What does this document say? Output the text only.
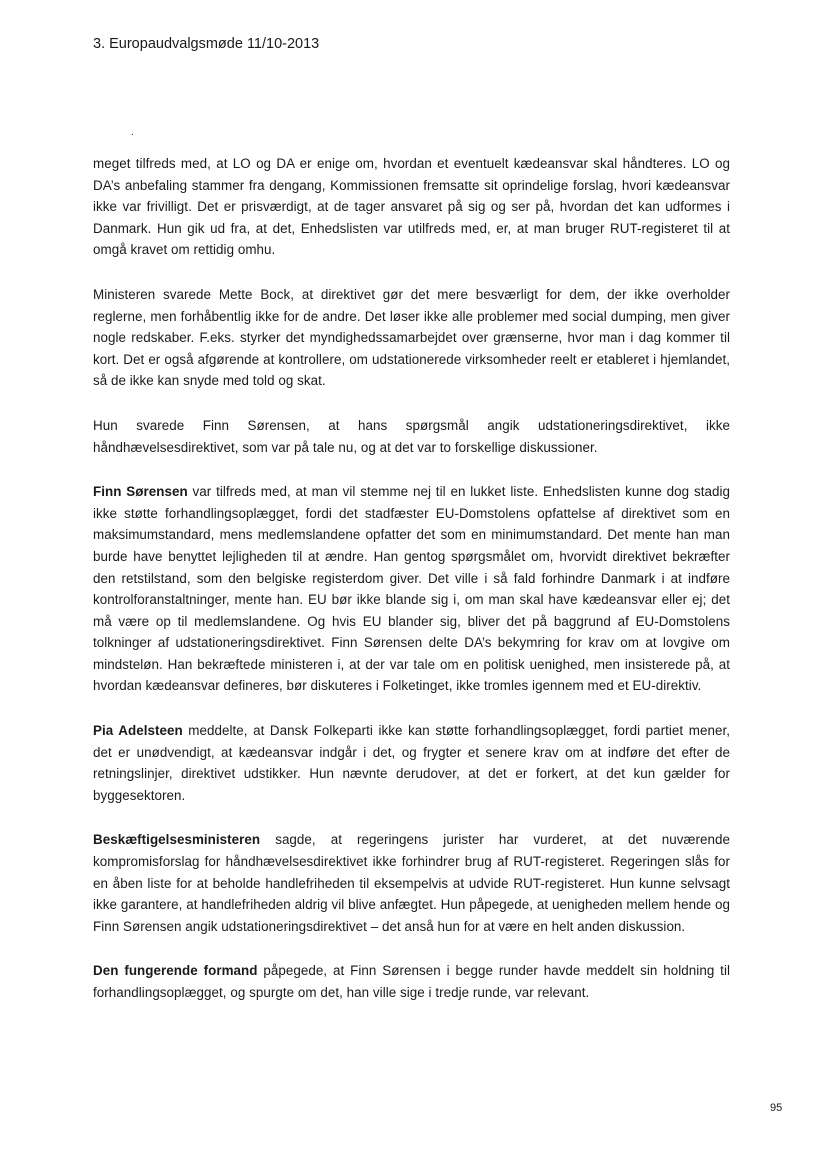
3. Europaudvalgsmøde 11/10-2013
.

meget tilfreds med, at LO og DA er enige om, hvordan et eventuelt kædeansvar skal håndteres. LO og DA’s anbefaling stammer fra dengang, Kommissionen fremsatte sit oprindelige forslag, hvori kædeansvar ikke var frivilligt. Det er prisværdigt, at de tager ansvaret på sig og ser på, hvordan det kan udformes i Danmark. Hun gik ud fra, at det, Enhedslisten var utilfreds med, er, at man bruger RUT-registeret til at omgå kravet om rettidig omhu.

Ministeren svarede Mette Bock, at direktivet gør det mere besværligt for dem, der ikke overholder reglerne, men forhåbentlig ikke for de andre. Det løser ikke alle problemer med social dumping, men giver nogle redskaber. F.eks. styrker det myndighedssamarbejdet over grænserne, hvor man i dag kommer til kort. Det er også afgørende at kontrollere, om udstationerede virksomheder reelt er etableret i hjemlandet, så de ikke kan snyde med told og skat.

Hun svarede Finn Sørensen, at hans spørgsmål angik udstationeringsdirektivet, ikke håndhævelsesdirektivet, som var på tale nu, og at det var to forskellige diskussioner.

Finn Sørensen var tilfreds med, at man vil stemme nej til en lukket liste. Enhedslisten kunne dog stadig ikke støtte forhandlingsoplægget, fordi det stadfæster EU-Domstolens opfattelse af direktivet som en maksimumstandard, mens medlemslandene opfatter det som en minimumstandard. Det mente han man burde have benyttet lejligheden til at ændre. Han gentog spørgsmålet om, hvorvidt direktivet bekræfter den retstilstand, som den belgiske registerdom giver. Det ville i så fald forhindre Danmark i at indføre kontrolforanstaltninger, mente han. EU bør ikke blande sig i, om man skal have kædeansvar eller ej; det må være op til medlemslandene. Og hvis EU blander sig, bliver det på baggrund af EU-Domstolens tolkninger af udstationeringsdirektivet. Finn Sørensen delte DA’s bekymring for krav om at lovgive om mindsteløn. Han bekræftede ministeren i, at der var tale om en politisk uenighed, men insisterede på, at hvordan kædeansvar defineres, bør diskuteres i Folketinget, ikke tromles igennem med et EU-direktiv.

Pia Adelsteen meddelte, at Dansk Folkeparti ikke kan støtte forhandlingsoplægget, fordi partiet mener, det er unødvendigt, at kædeansvar indgår i det, og frygter et senere krav om at indføre det efter de retningslinjer, direktivet udstikker. Hun nævnte derudover, at det er forkert, at det kun gælder for byggesektoren.

Beskæftigelsesministeren sagde, at regeringens jurister har vurderet, at det nuværende kompromisforslag for håndhævelsesdirektivet ikke forhindrer brug af RUT-registeret. Regeringen slås for en åben liste for at beholde handlefriheden til eksempelvis at udvide RUT-registeret. Hun kunne selvsagt ikke garantere, at handlefriheden aldrig vil blive anfægtet. Hun påpegede, at uenigheden mellem hende og Finn Sørensen angik udstationeringsdirektivet – det anså hun for at være en helt anden diskussion.

Den fungerende formand påpegede, at Finn Sørensen i begge runder havde meddelt sin holdning til forhandlingsoplægget, og spurgte om det, han ville sige i tredje runde, var relevant.

95
